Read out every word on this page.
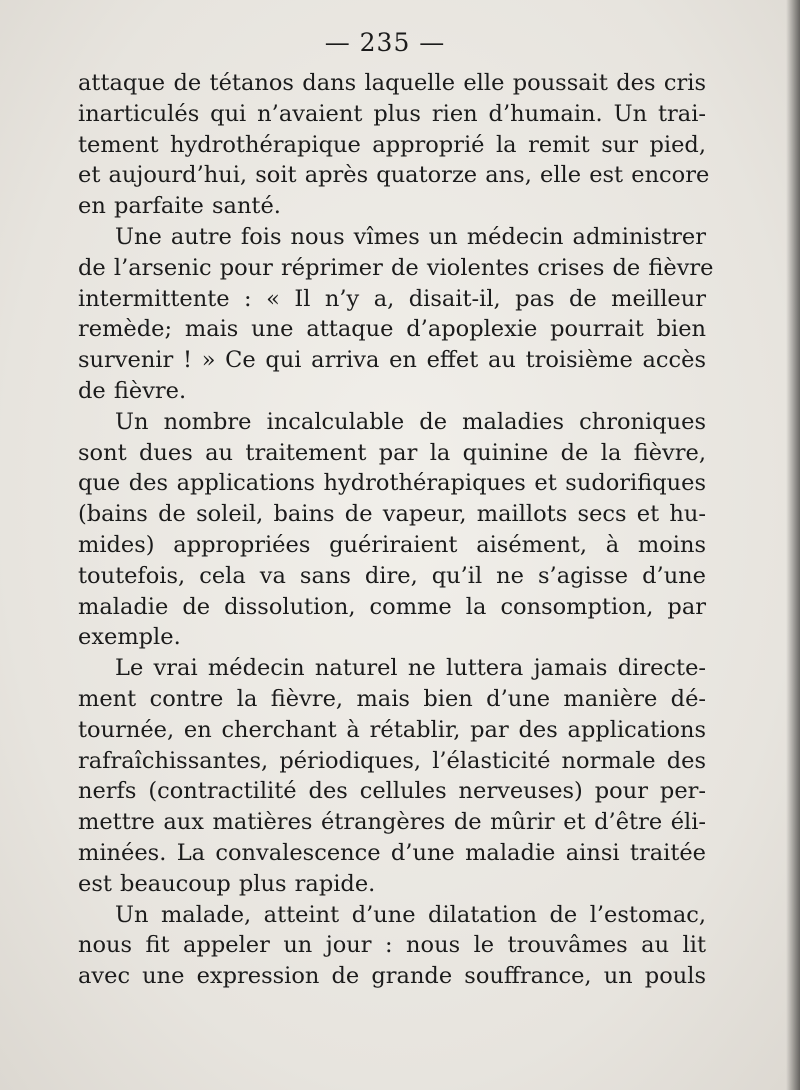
— 235 —
attaque de tétanos dans laquelle elle poussait des cris
inarticulés qui n’avaient plus rien d’humain. Un trai-
tement hydrothérapique approprié la remit sur pied,
et aujourd’hui, soit après quatorze ans, elle est encore
en parfaite santé.
Une autre fois nous vîmes un médecin administrer
de l’arsenic pour réprimer de violentes crises de fièvre
intermittente : « Il n’y a, disait-il, pas de meilleur
remède; mais une attaque d’apoplexie pourrait bien
survenir ! » Ce qui arriva en effet au troisième accès
de fièvre.
Un nombre incalculable de maladies chroniques
sont dues au traitement par la quinine de la fièvre,
que des applications hydrothérapiques et sudorifiques
(bains de soleil, bains de vapeur, maillots secs et hu-
mides) appropriées guériraient aisément, à moins
toutefois, cela va sans dire, qu’il ne s’agisse d’une
maladie de dissolution, comme la consomption, par
exemple.
Le vrai médecin naturel ne luttera jamais directe-
ment contre la fièvre, mais bien d’une manière dé-
tournée, en cherchant à rétablir, par des applications
rafraîchissantes, périodiques, l’élasticité normale des
nerfs (contractilité des cellules nerveuses) pour per-
mettre aux matières étrangères de mûrir et d’être éli-
minées. La convalescence d’une maladie ainsi traitée
est beaucoup plus rapide.
Un malade, atteint d’une dilatation de l’estomac,
nous fit appeler un jour : nous le trouvâmes au lit
avec une expression de grande souffrance, un pouls
